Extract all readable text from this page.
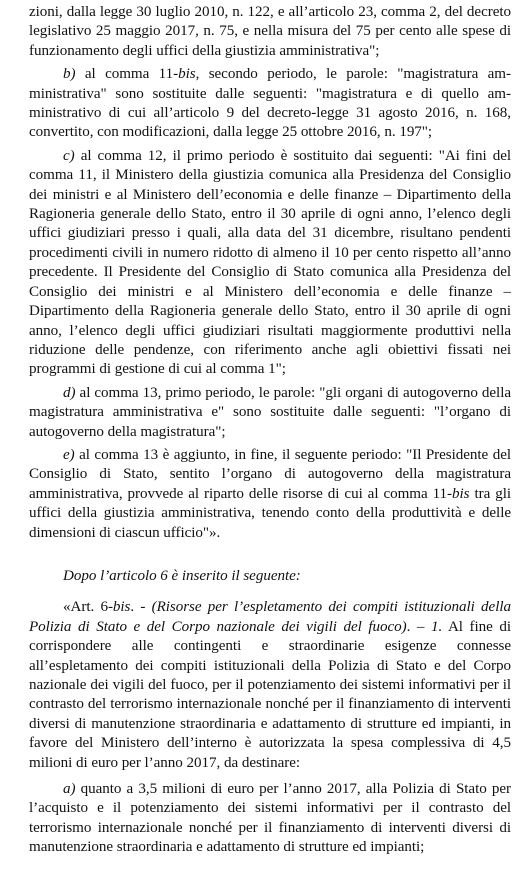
zioni, dalla legge 30 luglio 2010, n. 122, e all’articolo 23, comma 2, del decreto legislativo 25 maggio 2017, n. 75, e nella misura del 75 per cento alle spese di funzionamento degli uffici della giustizia amministrativa";

b) al comma 11-bis, secondo periodo, le parole: "magistratura amministrativa" sono sostituite dalle seguenti: "magistratura e di quello amministrativo di cui all’articolo 9 del decreto-legge 31 agosto 2016, n. 168, convertito, con modificazioni, dalla legge 25 ottobre 2016, n. 197";

c) al comma 12, il primo periodo è sostituito dai seguenti: "Ai fini del comma 11, il Ministero della giustizia comunica alla Presidenza del Consiglio dei ministri e al Ministero dell’economia e delle finanze – Dipartimento della Ragioneria generale dello Stato, entro il 30 aprile di ogni anno, l’elenco degli uffici giudiziari presso i quali, alla data del 31 dicembre, risultano pendenti procedimenti civili in numero ridotto di almeno il 10 per cento rispetto all’anno precedente. Il Presidente del Consiglio di Stato comunica alla Presidenza del Consiglio dei ministri e al Ministero dell’economia e delle finanze – Dipartimento della Ragioneria generale dello Stato, entro il 30 aprile di ogni anno, l’elenco degli uffici giudiziari risultati maggiormente produttivi nella riduzione delle pendenze, con riferimento anche agli obiettivi fissati nei programmi di gestione di cui al comma 1";

d) al comma 13, primo periodo, le parole: "gli organi di autogoverno della magistratura amministrativa e" sono sostituite dalle seguenti: "l’organo di autogoverno della magistratura";

e) al comma 13 è aggiunto, in fine, il seguente periodo: "Il Presidente del Consiglio di Stato, sentito l’organo di autogoverno della magistratura amministrativa, provvede al riparto delle risorse di cui al comma 11-bis tra gli uffici della giustizia amministrativa, tenendo conto della produttività e delle dimensioni di ciascun ufficio"».

Dopo l’articolo 6 è inserito il seguente:

«Art. 6-bis. - (Risorse per l’espletamento dei compiti istituzionali della Polizia di Stato e del Corpo nazionale dei vigili del fuoco). – 1. Al fine di corrispondere alle contingenti e straordinarie esigenze connesse all’espletamento dei compiti istituzionali della Polizia di Stato e del Corpo nazionale dei vigili del fuoco, per il potenziamento dei sistemi informativi per il contrasto del terrorismo internazionale nonché per il finanziamento di interventi diversi di manutenzione straordinaria e adattamento di strutture ed impianti, in favore del Ministero dell’interno è autorizzata la spesa complessiva di 4,5 milioni di euro per l’anno 2017, da destinare:

a) quanto a 3,5 milioni di euro per l’anno 2017, alla Polizia di Stato per l’acquisto e il potenziamento dei sistemi informativi per il contrasto del terrorismo internazionale nonché per il finanziamento di interventi diversi di manutenzione straordinaria e adattamento di strutture ed impianti;
